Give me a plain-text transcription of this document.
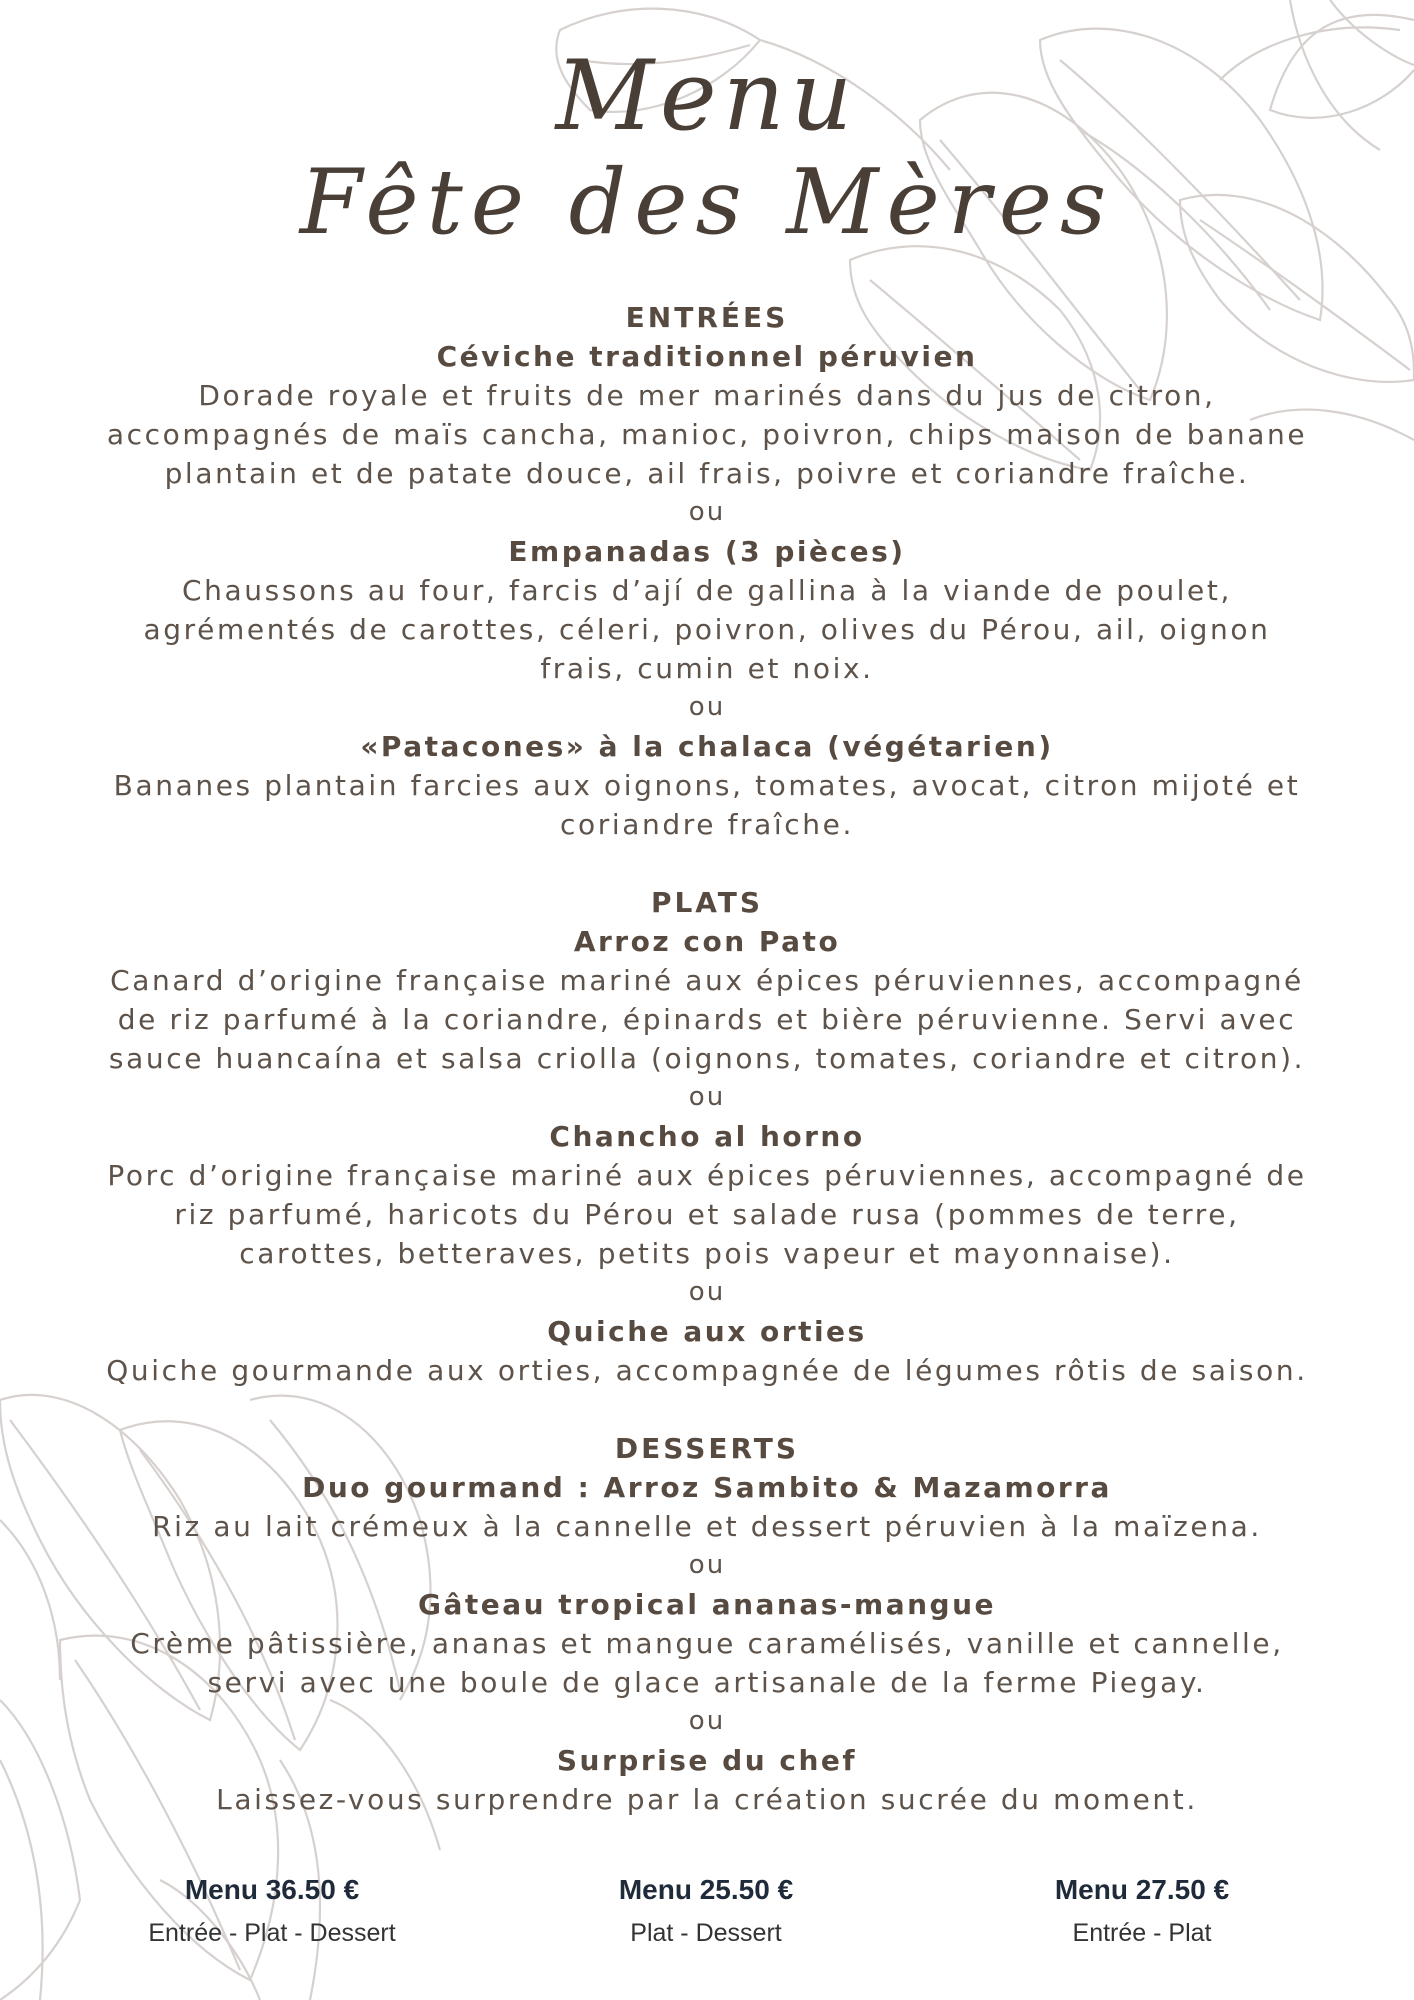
Menu
Fête des Mères
ENTRÉES
Céviche traditionnel péruvien
Dorade royale et fruits de mer marinés dans du jus de citron,
accompagnés de maïs cancha, manioc, poivron, chips maison de banane
plantain et de patate douce, ail frais, poivre et coriandre fraîche.
ou
Empanadas (3 pièces)
Chaussons au four, farcis d’ají de gallina à la viande de poulet,
agrémentés de carottes, céleri, poivron, olives du Pérou, ail, oignon
frais, cumin et noix.
ou
«Patacones» à la chalaca (végétarien)
Bananes plantain farcies aux oignons, tomates, avocat, citron mijoté et
coriandre fraîche.
PLATS
Arroz con Pato
Canard d’origine française mariné aux épices péruviennes, accompagné
de riz parfumé à la coriandre, épinards et bière péruvienne. Servi avec
sauce huancaína et salsa criolla (oignons, tomates, coriandre et citron).
ou
Chancho al horno
Porc d’origine française mariné aux épices péruviennes, accompagné de
riz parfumé, haricots du Pérou et salade rusa (pommes de terre,
carottes, betteraves, petits pois vapeur et mayonnaise).
ou
Quiche aux orties
Quiche gourmande aux orties, accompagnée de légumes rôtis de saison.
DESSERTS
Duo gourmand : Arroz Sambito & Mazamorra
Riz au lait crémeux à la cannelle et dessert péruvien à la maïzena.
ou
Gâteau tropical ananas-mangue
Crème pâtissière, ananas et mangue caramélisés, vanille et cannelle,
servi avec une boule de glace artisanale de la ferme Piegay.
ou
Surprise du chef
Laissez-vous surprendre par la création sucrée du moment.
Menu 36.50 €
Entrée - Plat - Dessert
Menu 25.50 €
Plat - Dessert
Menu 27.50 €
Entrée - Plat
